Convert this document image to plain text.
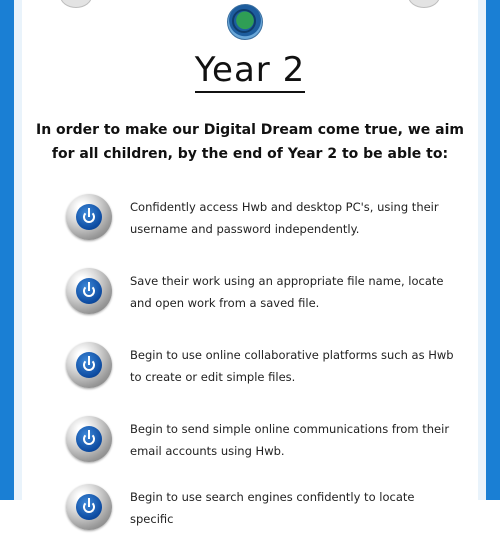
Year 2
In order to make our Digital Dream come true, we aim for all children, by the end of Year 2 to be able to:
Confidently access Hwb and desktop PC's, using their username and password independently.
Save their work using an appropriate file name, locate and open work from a saved file.
Begin to use online collaborative platforms such as Hwb to create or edit simple files.
Begin to send simple online communications from their email accounts using Hwb.
Begin to use search engines confidently to locate specific
